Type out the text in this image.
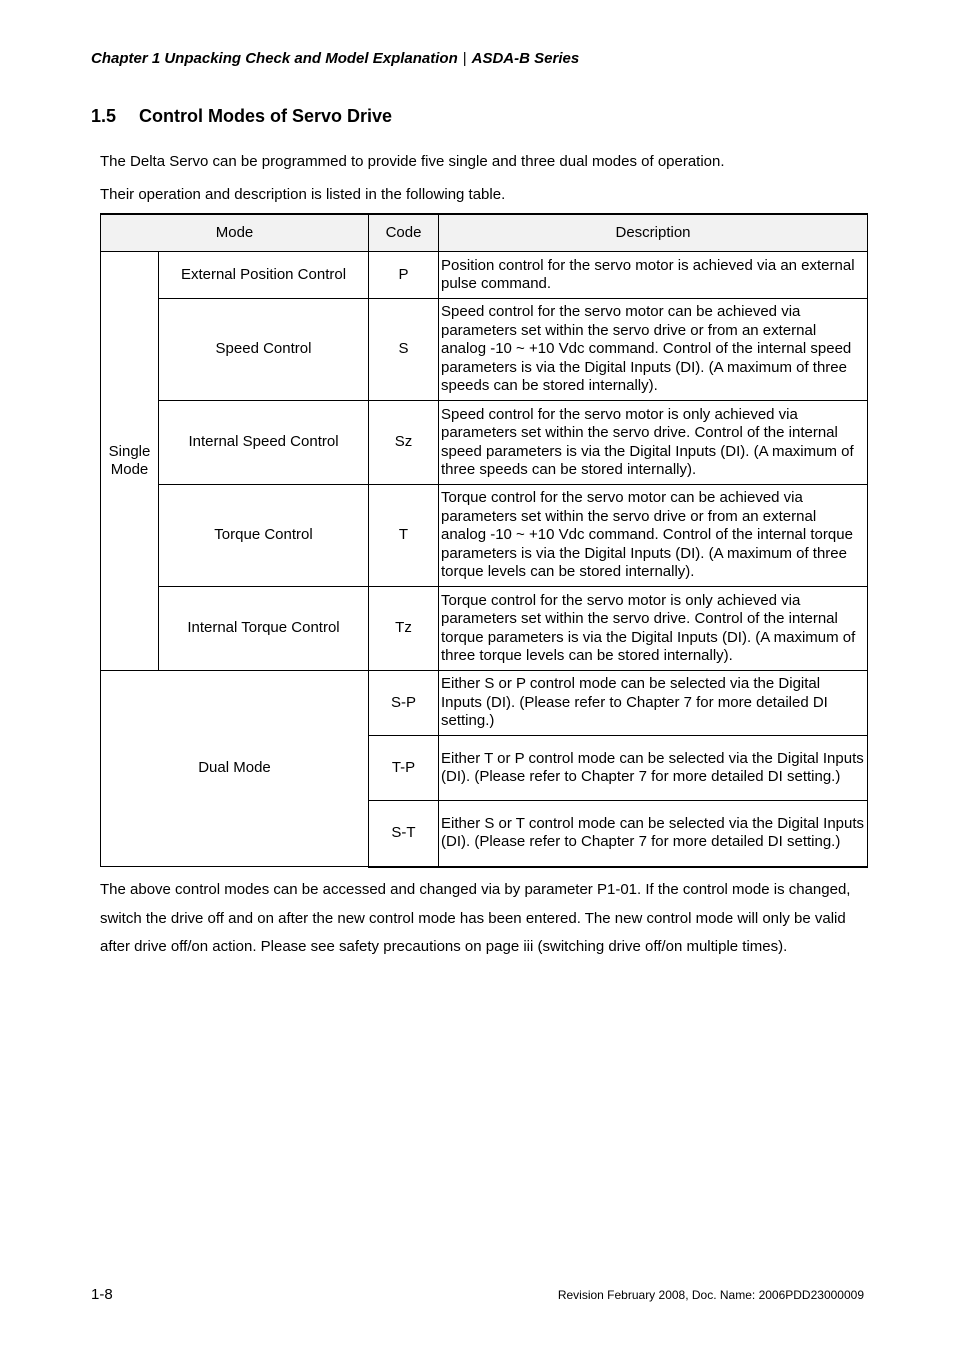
Chapter 1 Unpacking Check and Model Explanation | ASDA-B Series
1.5 Control Modes of Servo Drive
The Delta Servo can be programmed to provide five single and three dual modes of operation.
Their operation and description is listed in the following table.
Mode		Code	Description
Single Mode	External Position Control	P	Position control for the servo motor is achieved via an external pulse command.
	Speed Control	S	Speed control for the servo motor can be achieved via parameters set within the servo drive or from an external analog -10 ~ +10 Vdc command. Control of the internal speed parameters is via the Digital Inputs (DI). (A maximum of three speeds can be stored internally).
	Internal Speed Control	Sz	Speed control for the servo motor is only achieved via parameters set within the servo drive. Control of the internal speed parameters is via the Digital Inputs (DI). (A maximum of three speeds can be stored internally).
	Torque Control	T	Torque control for the servo motor can be achieved via parameters set within the servo drive or from an external analog -10 ~ +10 Vdc command. Control of the internal torque parameters is via the Digital Inputs (DI). (A maximum of three torque levels can be stored internally).
	Internal Torque Control	Tz	Torque control for the servo motor is only achieved via parameters set within the servo drive. Control of the internal torque parameters is via the Digital Inputs (DI). (A maximum of three torque levels can be stored internally).
Dual Mode		S-P	Either S or P control mode can be selected via the Digital Inputs (DI). (Please refer to Chapter 7 for more detailed DI setting.)
		T-P	Either T or P control mode can be selected via the Digital Inputs (DI). (Please refer to Chapter 7 for more detailed DI setting.)
		S-T	Either S or T control mode can be selected via the Digital Inputs (DI). (Please refer to Chapter 7 for more detailed DI setting.)
The above control modes can be accessed and changed via by parameter P1-01. If the control mode is changed, switch the drive off and on after the new control mode has been entered. The new control mode will only be valid after drive off/on action. Please see safety precautions on page iii (switching drive off/on multiple times).
1-8	Revision February 2008, Doc. Name: 2006PDD23000009
